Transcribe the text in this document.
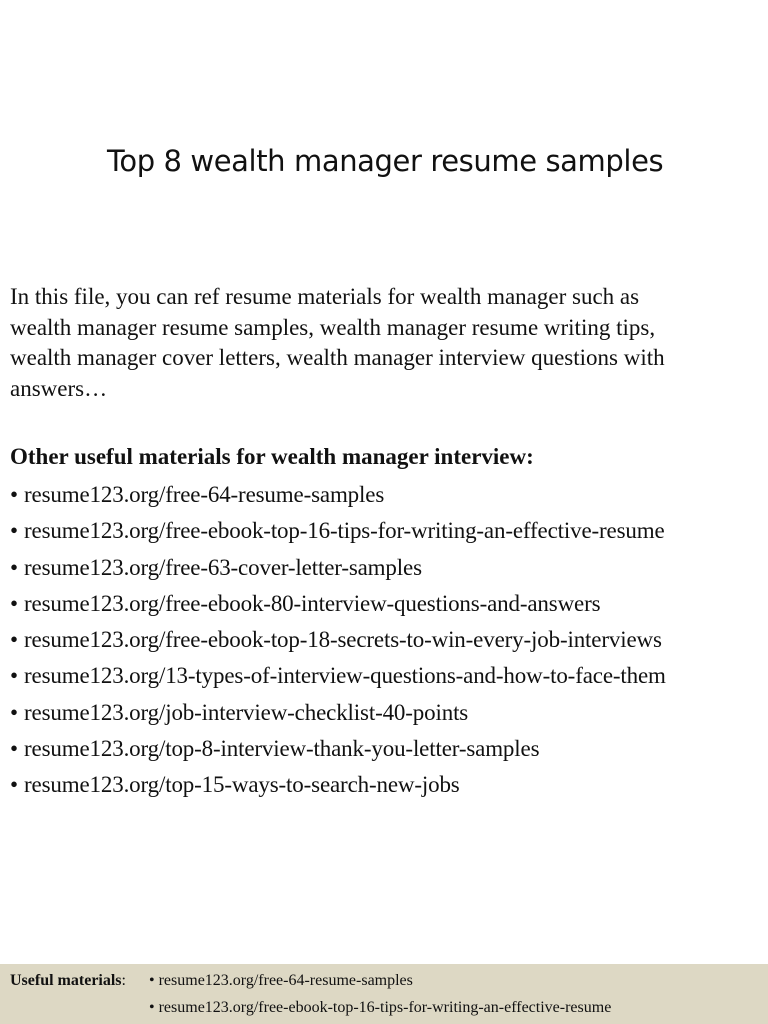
Top 8 wealth manager resume samples
In this file, you can ref resume materials for wealth manager such as
wealth manager resume samples, wealth manager resume writing tips,
wealth manager cover letters, wealth manager interview questions with
answers…
Other useful materials for wealth manager interview:
• resume123.org/free-64-resume-samples
• resume123.org/free-ebook-top-16-tips-for-writing-an-effective-resume
• resume123.org/free-63-cover-letter-samples
• resume123.org/free-ebook-80-interview-questions-and-answers
• resume123.org/free-ebook-top-18-secrets-to-win-every-job-interviews
• resume123.org/13-types-of-interview-questions-and-how-to-face-them
• resume123.org/job-interview-checklist-40-points
• resume123.org/top-8-interview-thank-you-letter-samples
• resume123.org/top-15-ways-to-search-new-jobs
Useful materials: • resume123.org/free-64-resume-samples
• resume123.org/free-ebook-top-16-tips-for-writing-an-effective-resume
